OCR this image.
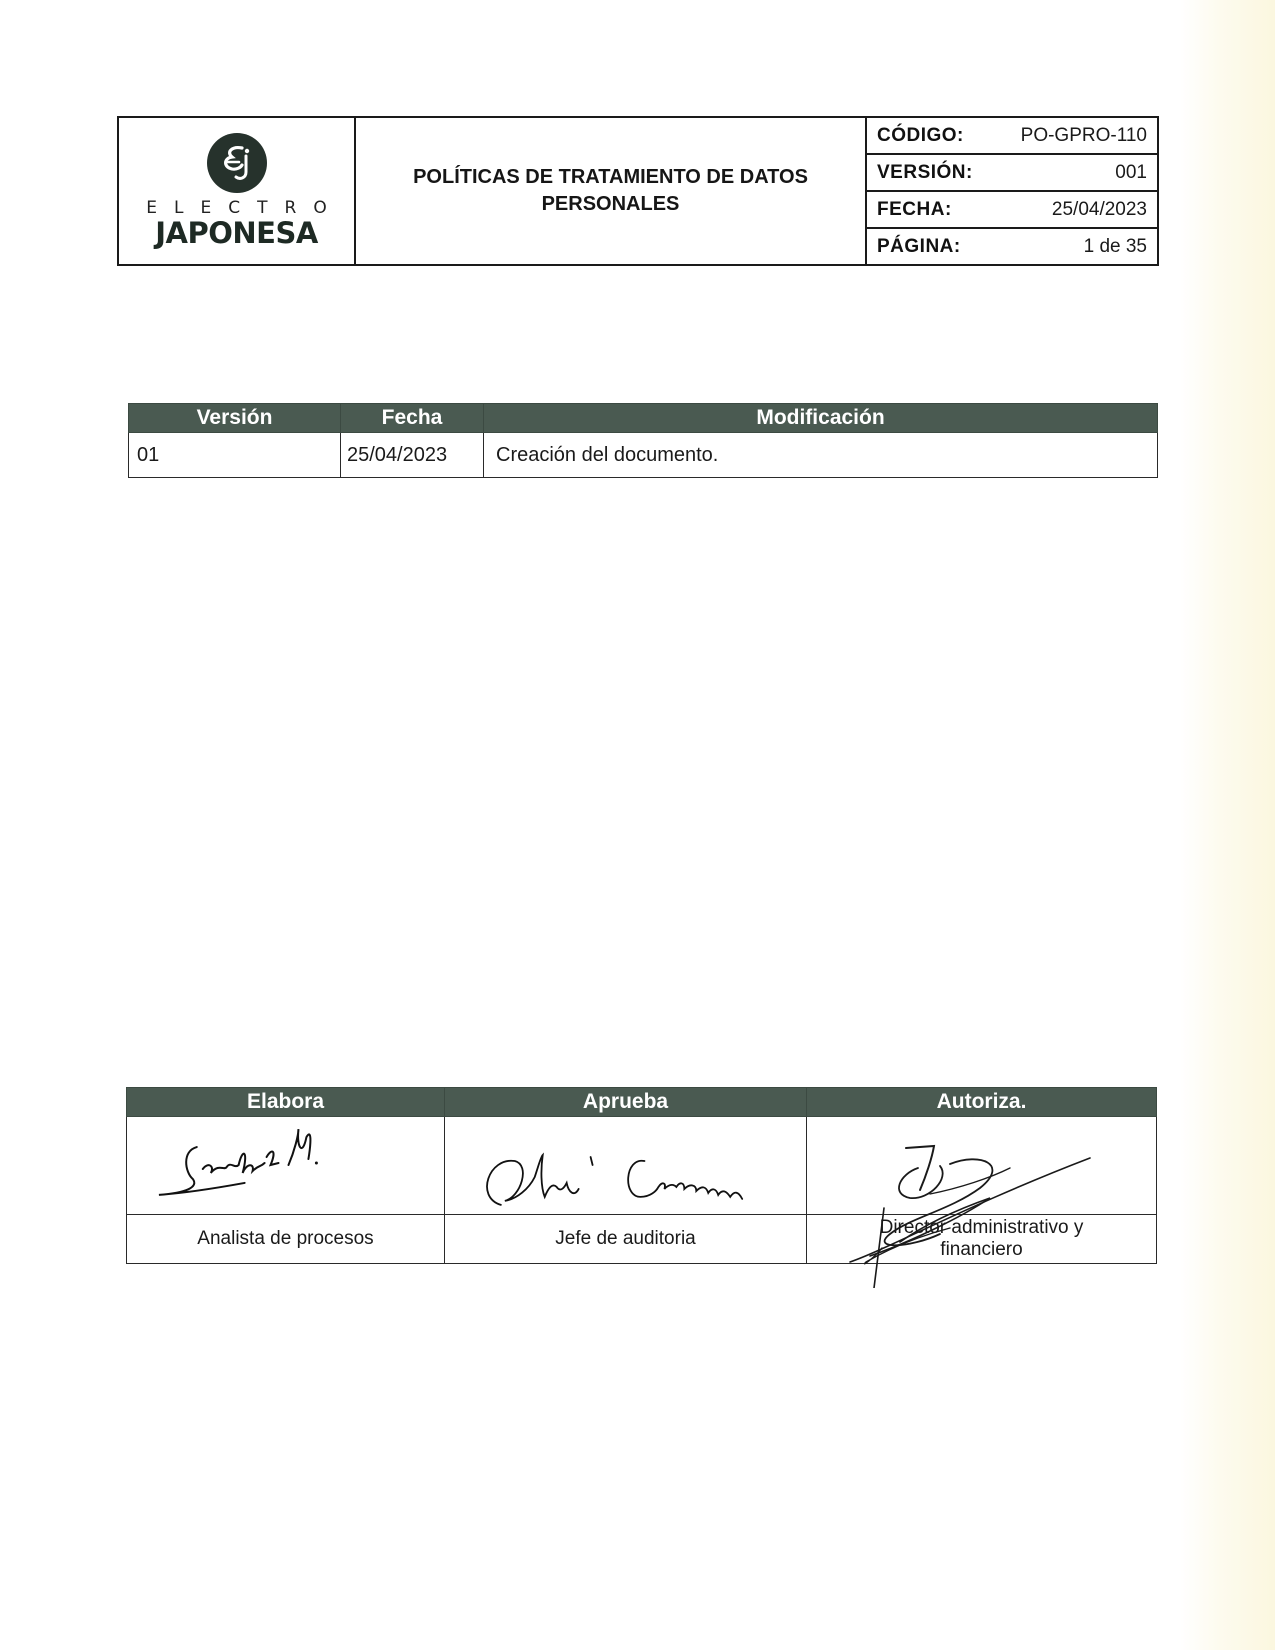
ELECTRO
JAPONESA
POLÍTICAS DE TRATAMIENTO DE DATOS PERSONALES
CÓDIGO:	PO-GPRO-110
VERSIÓN:	001
FECHA:	25/04/2023
PÁGINA:	1 de 35
Versión	Fecha	Modificación
01	25/04/2023	Creación del documento.
Elabora	Aprueba	Autoriza.

Analista de procesos	Jefe de auditoria	Director administrativo y financiero
